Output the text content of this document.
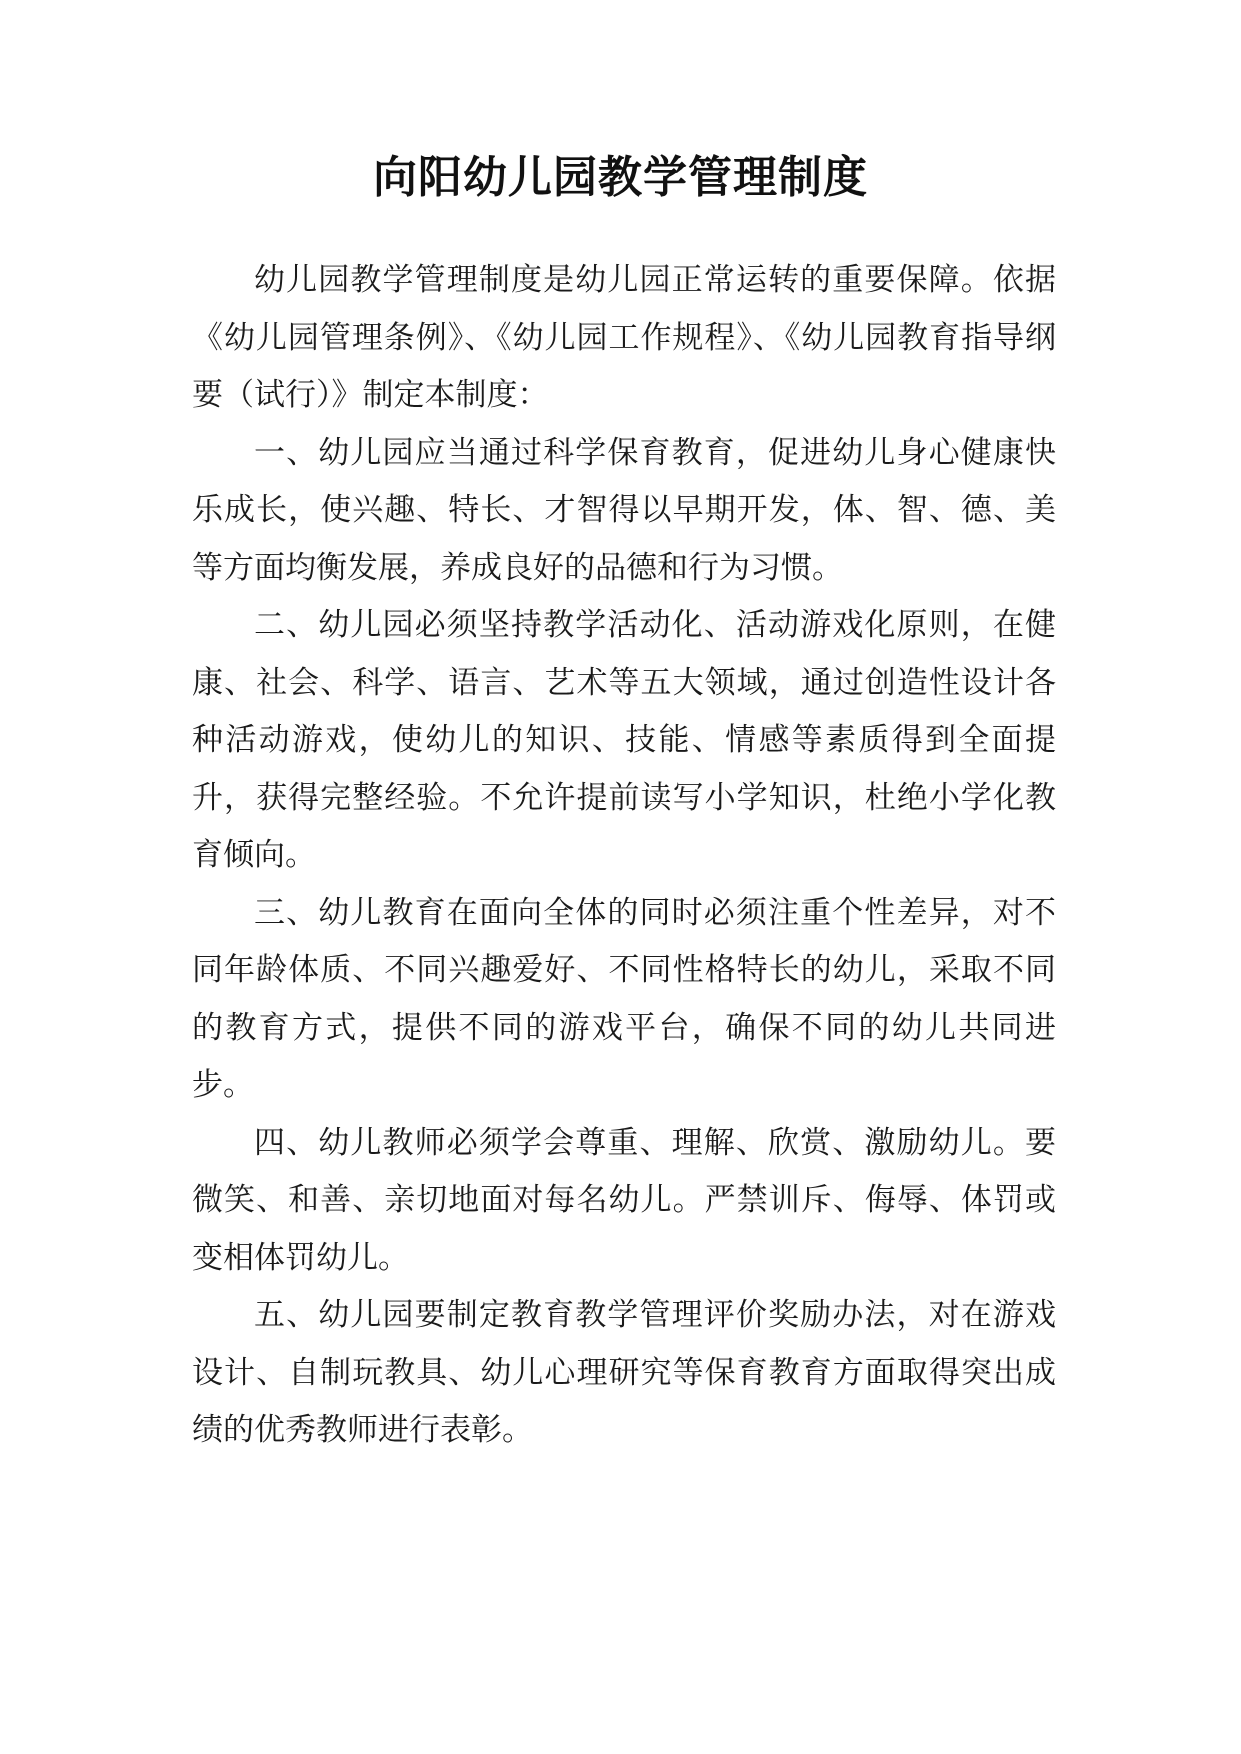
向阳幼儿园教学管理制度

幼儿园教学管理制度是幼儿园正常运转的重要保障。依据《幼儿园管理条例》、《幼儿园工作规程》、《幼儿园教育指导纲要（试行）》制定本制度：

一、幼儿园应当通过科学保育教育，促进幼儿身心健康快乐成长，使兴趣、特长、才智得以早期开发，体、智、德、美等方面均衡发展，养成良好的品德和行为习惯。

二、幼儿园必须坚持教学活动化、活动游戏化原则，在健康、社会、科学、语言、艺术等五大领域，通过创造性设计各种活动游戏，使幼儿的知识、技能、情感等素质得到全面提升，获得完整经验。不允许提前读写小学知识，杜绝小学化教育倾向。

三、幼儿教育在面向全体的同时必须注重个性差异，对不同年龄体质、不同兴趣爱好、不同性格特长的幼儿，采取不同的教育方式，提供不同的游戏平台，确保不同的幼儿共同进步。

四、幼儿教师必须学会尊重、理解、欣赏、激励幼儿。要微笑、和善、亲切地面对每名幼儿。严禁训斥、侮辱、体罚或变相体罚幼儿。

五、幼儿园要制定教育教学管理评价奖励办法，对在游戏设计、自制玩教具、幼儿心理研究等保育教育方面取得突出成绩的优秀教师进行表彰。
